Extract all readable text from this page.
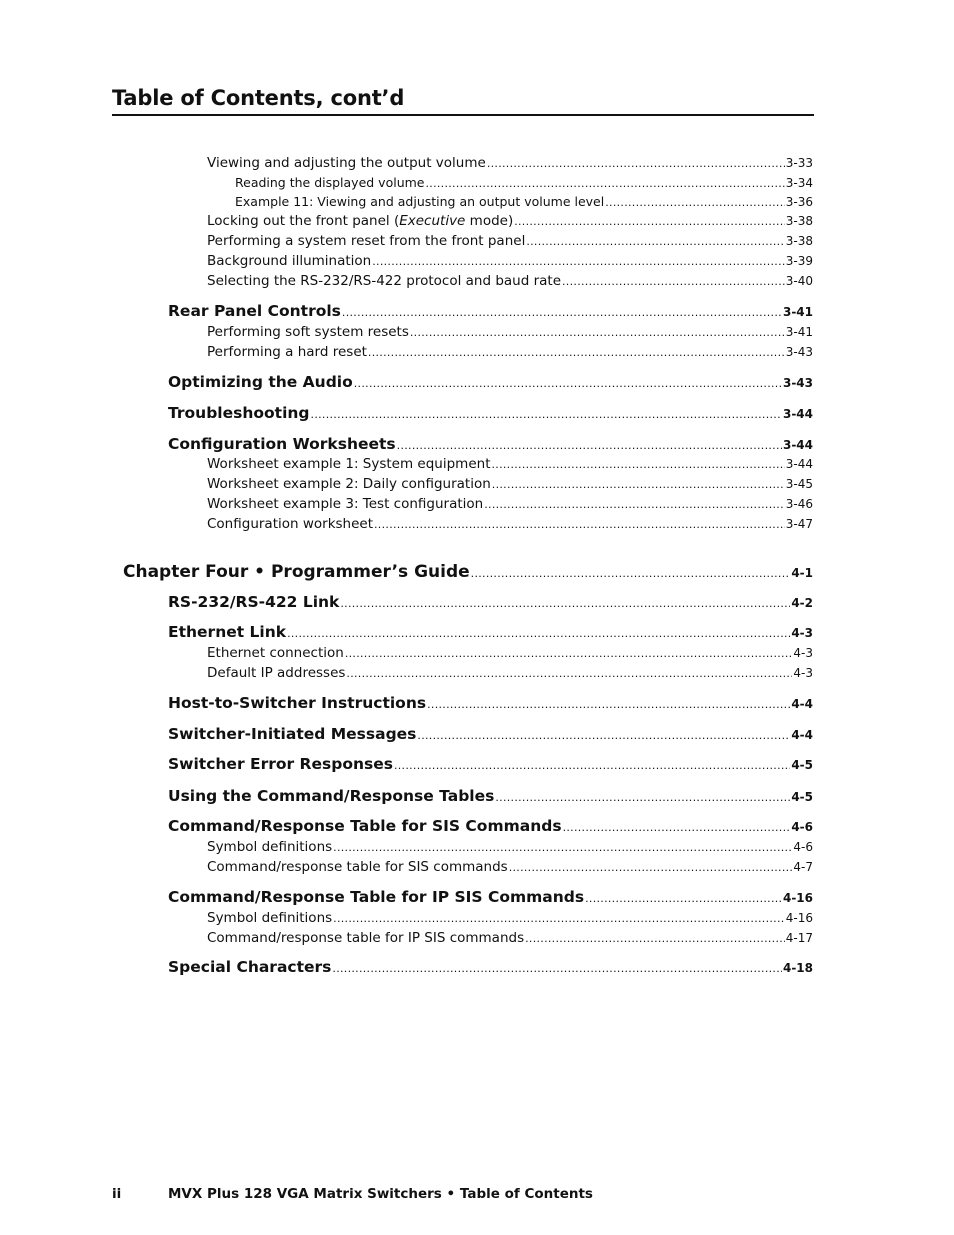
Table of Contents, cont’d
Viewing and adjusting the output volume . . .	3-33
Reading the displayed volume . . .	3-34
Example 11: Viewing and adjusting an output volume level . . .	3-36
Locking out the front panel (Executive mode) . . .	3-38
Performing a system reset from the front panel . . .	3-38
Background illumination . . .	3-39
Selecting the RS-232/RS-422 protocol and baud rate . . .	3-40
Rear Panel Controls . . .	3-41
Performing soft system resets . . .	3-41
Performing a hard reset . . .	3-43
Optimizing the Audio . . .	3-43
Troubleshooting . . .	3-44
Configuration Worksheets . . .	3-44
Worksheet example 1: System equipment . . .	3-44
Worksheet example 2: Daily configuration . . .	3-45
Worksheet example 3: Test configuration . . .	3-46
Configuration worksheet . . .	3-47
Chapter Four • Programmer’s Guide . . .	4-1
RS-232/RS-422 Link . . .	4-2
Ethernet Link . . .	4-3
Ethernet connection . . .	4-3
Default IP addresses . . .	4-3
Host-to-Switcher Instructions . . .	4-4
Switcher-Initiated Messages . . .	4-4
Switcher Error Responses . . .	4-5
Using the Command/Response Tables . . .	4-5
Command/Response Table for SIS Commands . . .	4-6
Symbol definitions . . .	4-6
Command/response table for SIS commands . . .	4-7
Command/Response Table for IP SIS Commands . . .	4-16
Symbol definitions . . .	4-16
Command/response table for IP SIS commands . . .	4-17
Special Characters . . .	4-18
ii	MVX Plus 128 VGA Matrix Switchers • Table of Contents
